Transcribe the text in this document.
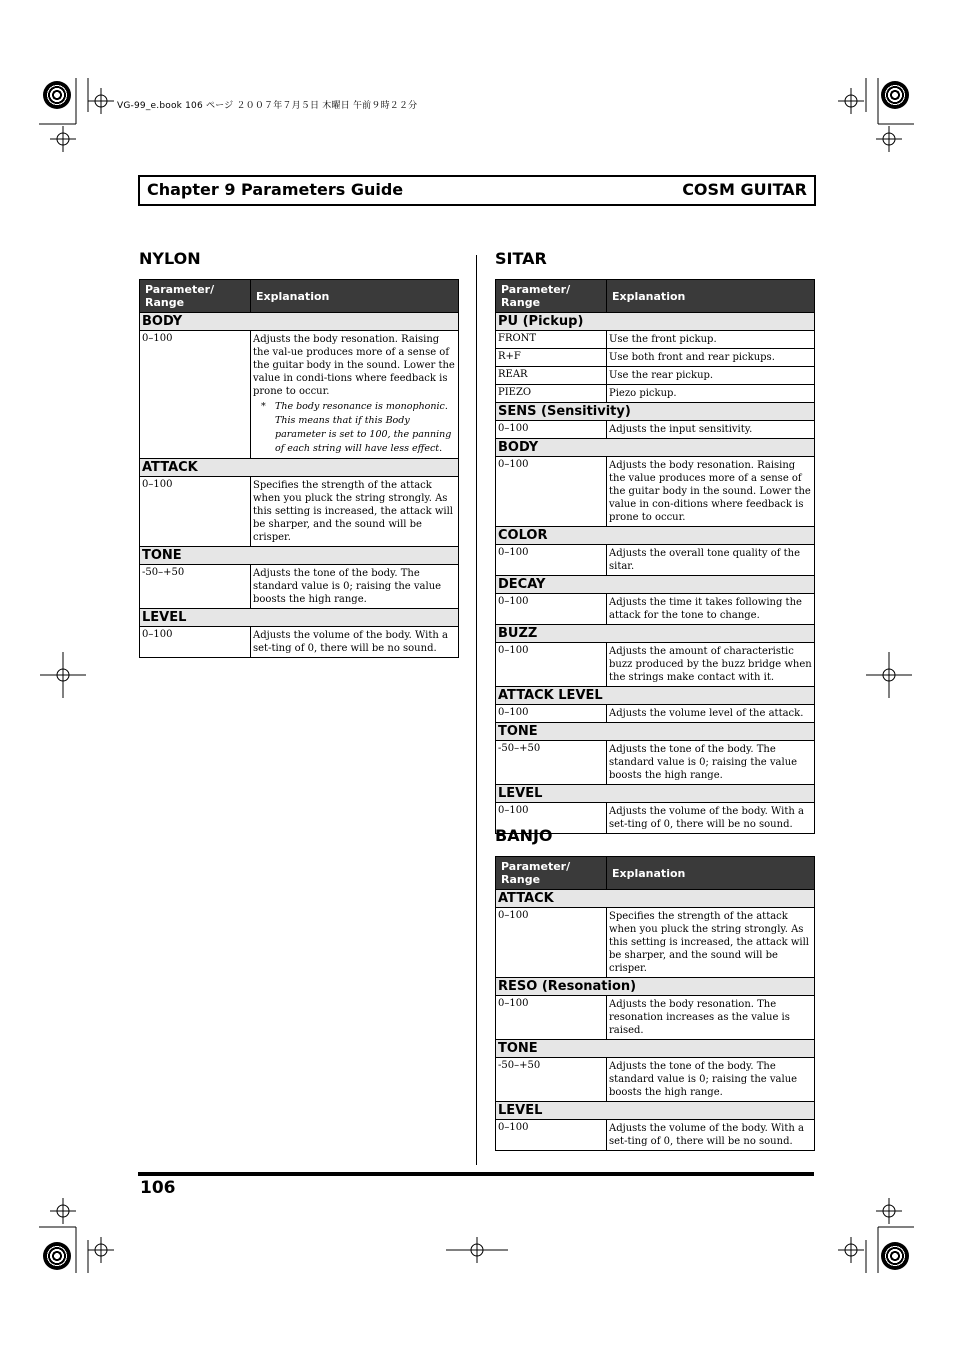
VG-99_e.book 106 ページ ２００７年７月５日 木曜日 午前９時２２分
Chapter 9 Parameters Guide	COSM GUITAR
NYLON
Parameter/
Range	Explanation
BODY	
0–100	Adjusts the body resonation. Raising the val-ue produces more of a sense of the guitar body in the sound. Lower the value in condi-tions where feedback is prone to occur.
* The body resonance is monophonic. This means that if this Body parameter is set to 100, the panning of each string will have less effect.

ATTACK	
0–100	Specifies the strength of the attack when you pluck the string strongly. As this setting is increased, the attack will be sharper, and the sound will be crisper.
TONE	
-50–+50	Adjusts the tone of the body. The standard value is 0; raising the value boosts the high range.
LEVEL	
0–100	Adjusts the volume of the body. With a set-ting of 0, there will be no sound.
SITAR
Parameter/
Range	Explanation
PU (Pickup)	
FRONT	Use the front pickup.
R+F	Use both front and rear pickups.
REAR	Use the rear pickup.
PIEZO	Piezo pickup.
SENS (Sensitivity)	
0–100	Adjusts the input sensitivity.
BODY	
0–100	Adjusts the body resonation. Raising the value produces more of a sense of the guitar body in the sound. Lower the value in con-ditions where feedback is prone to occur.
COLOR	
0–100	Adjusts the overall tone quality of the sitar.
DECAY	
0–100	Adjusts the time it takes following the attack for the tone to change.
BUZZ	
0–100	Adjusts the amount of characteristic buzz produced by the buzz bridge when the strings make contact with it.
ATTACK LEVEL	
0–100	Adjusts the volume level of the attack.
TONE	
-50–+50	Adjusts the tone of the body. The standard value is 0; raising the value boosts the high range.
LEVEL	
0–100	Adjusts the volume of the body. With a set-ting of 0, there will be no sound.
BANJO
Parameter/
Range	Explanation
ATTACK	
0–100	Specifies the strength of the attack when you pluck the string strongly. As this setting is increased, the attack will be sharper, and the sound will be crisper.
RESO (Resonation)	
0–100	Adjusts the body resonation. The resonation increases as the value is raised.
TONE	
-50–+50	Adjusts the tone of the body. The standard value is 0; raising the value boosts the high range.
LEVEL	
0–100	Adjusts the volume of the body. With a set-ting of 0, there will be no sound.
106
